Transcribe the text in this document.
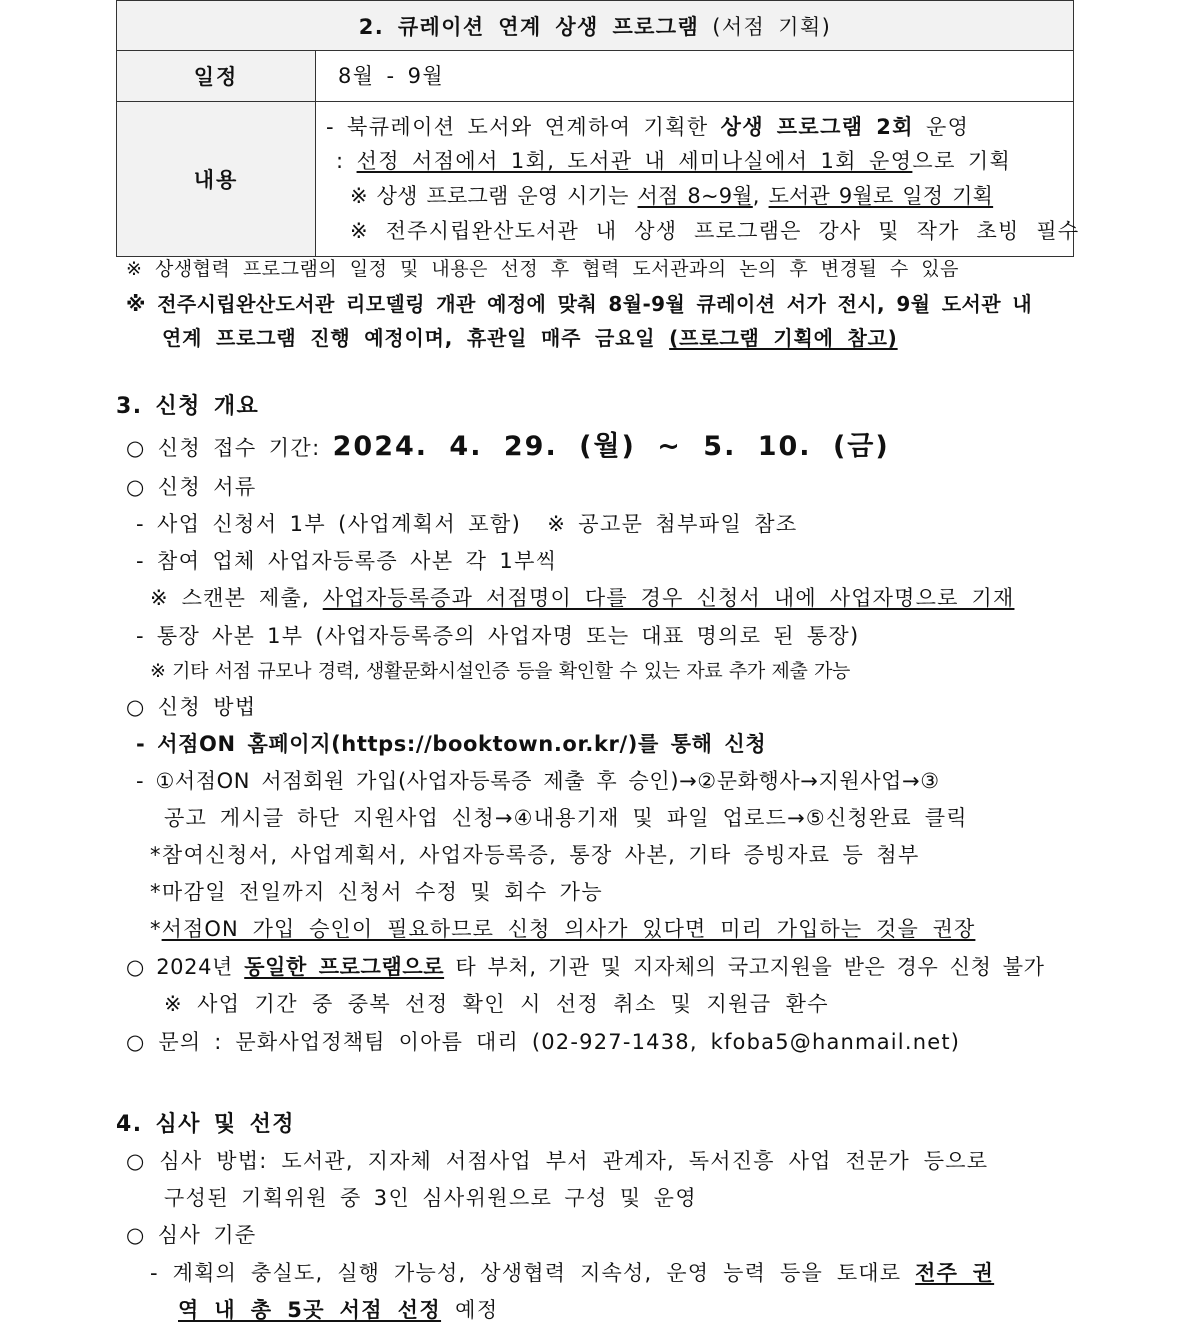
2. 큐레이션 연계 상생 프로그램 (서점 기획)	
일정	8월 - 9월

내용	- 북큐레이션 도서와 연계하여 기획한 상생 프로그램 2회 운영
: 선정 서점에서 1회, 도서관 내 세미나실에서 1회 운영으로 기획
※ 상생 프로그램 운영 시기는 서점 8~9월, 도서관 9월로 일정 기획
※ 전주시립완산도서관 내 상생 프로그램은 강사 및 작가 초빙 필수
※ 상생협력 프로그램의 일정 및 내용은 선정 후 협력 도서관과의 논의 후 변경될 수 있음
※ 전주시립완산도서관 리모델링 개관 예정에 맞춰 8월-9월 큐레이션 서가 전시, 9월 도서관 내
연계 프로그램 진행 예정이며, 휴관일 매주 금요일 (프로그램 기획에 참고)
3. 신청 개요
○ 신청 접수 기간: 2024. 4. 29. (월) ~ 5. 10. (금)
○ 신청 서류
- 사업 신청서 1부 (사업계획서 포함) ※ 공고문 첨부파일 참조
- 참여 업체 사업자등록증 사본 각 1부씩
※ 스캔본 제출, 사업자등록증과 서점명이 다를 경우 신청서 내에 사업자명으로 기재
- 통장 사본 1부 (사업자등록증의 사업자명 또는 대표 명의로 된 통장)
※ 기타 서점 규모나 경력, 생활문화시설인증 등을 확인할 수 있는 자료 추가 제출 가능
○ 신청 방법
- 서점ON 홈페이지(https://booktown.or.kr/)를 통해 신청
- ①서점ON 서점회원 가입(사업자등록증 제출 후 승인)→②문화행사→지원사업→③
공고 게시글 하단 지원사업 신청→④내용기재 및 파일 업로드→⑤신청완료 클릭
*참여신청서, 사업계획서, 사업자등록증, 통장 사본, 기타 증빙자료 등 첨부
*마감일 전일까지 신청서 수정 및 회수 가능
*서점ON 가입 승인이 필요하므로 신청 의사가 있다면 미리 가입하는 것을 권장
○ 2024년 동일한 프로그램으로 타 부처, 기관 및 지자체의 국고지원을 받은 경우 신청 불가
※ 사업 기간 중 중복 선정 확인 시 선정 취소 및 지원금 환수
○ 문의 : 문화사업정책팀 이아름 대리 (02-927-1438, kfoba5@hanmail.net)
4. 심사 및 선정
○ 심사 방법: 도서관, 지자체 서점사업 부서 관계자, 독서진흥 사업 전문가 등으로
구성된 기획위원 중 3인 심사위원으로 구성 및 운영
○ 심사 기준
- 계획의 충실도, 실행 가능성, 상생협력 지속성, 운영 능력 등을 토대로 전주 권
역 내 총 5곳 서점 선정 예정
